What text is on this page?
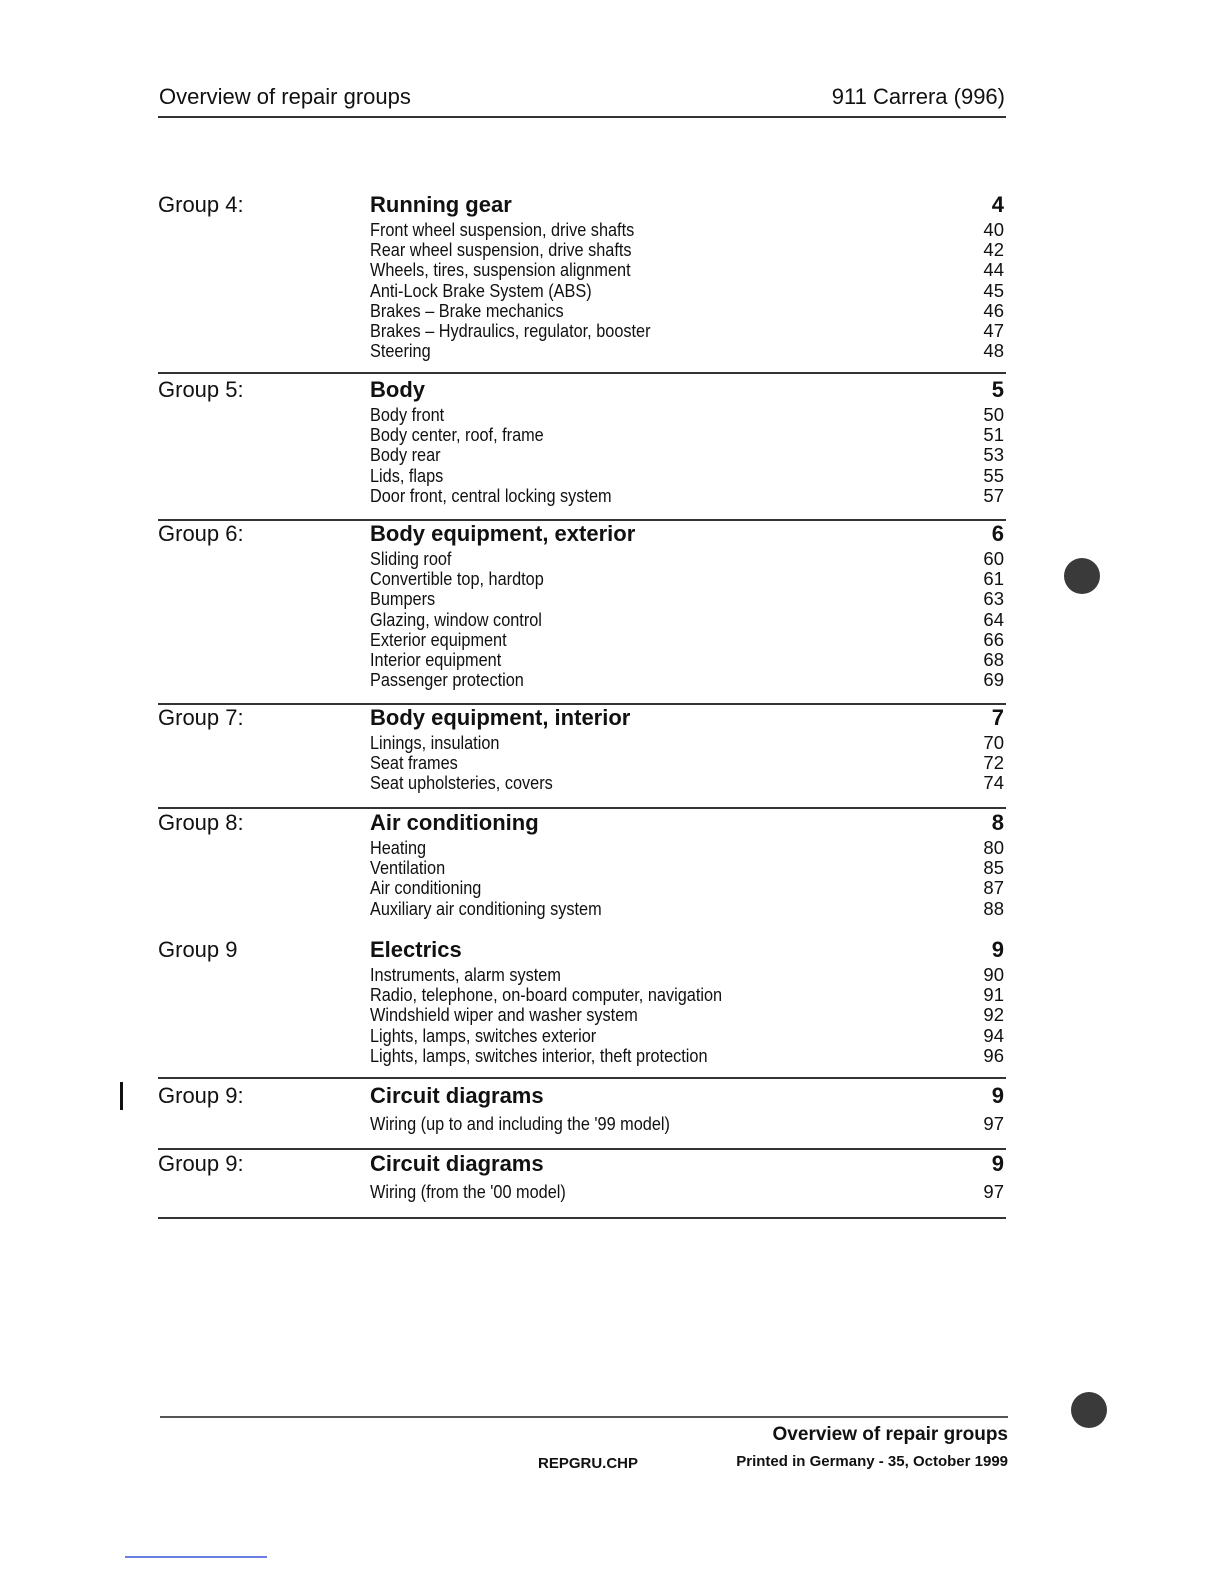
Overview of repair groups	911 Carrera (996)
Group 4:	Running gear	4
Front wheel suspension, drive shafts	40
Rear wheel suspension, drive shafts	42
Wheels, tires, suspension alignment	44
Anti-Lock Brake System (ABS)	45
Brakes – Brake mechanics	46
Brakes – Hydraulics, regulator, booster	47
Steering	48
Group 5:	Body	5
Body front	50
Body center, roof, frame	51
Body rear	53
Lids, flaps	55
Door front, central locking system	57
Group 6:	Body equipment, exterior	6
Sliding roof	60
Convertible top, hardtop	61
Bumpers	63
Glazing, window control	64
Exterior equipment	66
Interior equipment	68
Passenger protection	69
Group 7:	Body equipment, interior	7
Linings, insulation	70
Seat frames	72
Seat upholsteries, covers	74
Group 8:	Air conditioning	8
Heating	80
Ventilation	85
Air conditioning	87
Auxiliary air conditioning system	88
Group 9	Electrics	9
Instruments, alarm system	90
Radio, telephone, on-board computer, navigation	91
Windshield wiper and washer system	92
Lights, lamps, switches exterior	94
Lights, lamps, switches interior, theft protection	96
Group 9:	Circuit diagrams	9
Wiring (up to and including the '99 model)	97
Group 9:	Circuit diagrams	9
Wiring (from the '00 model)	97
Overview of repair groups
REPGRU.CHP	Printed in Germany - 35, October 1999
